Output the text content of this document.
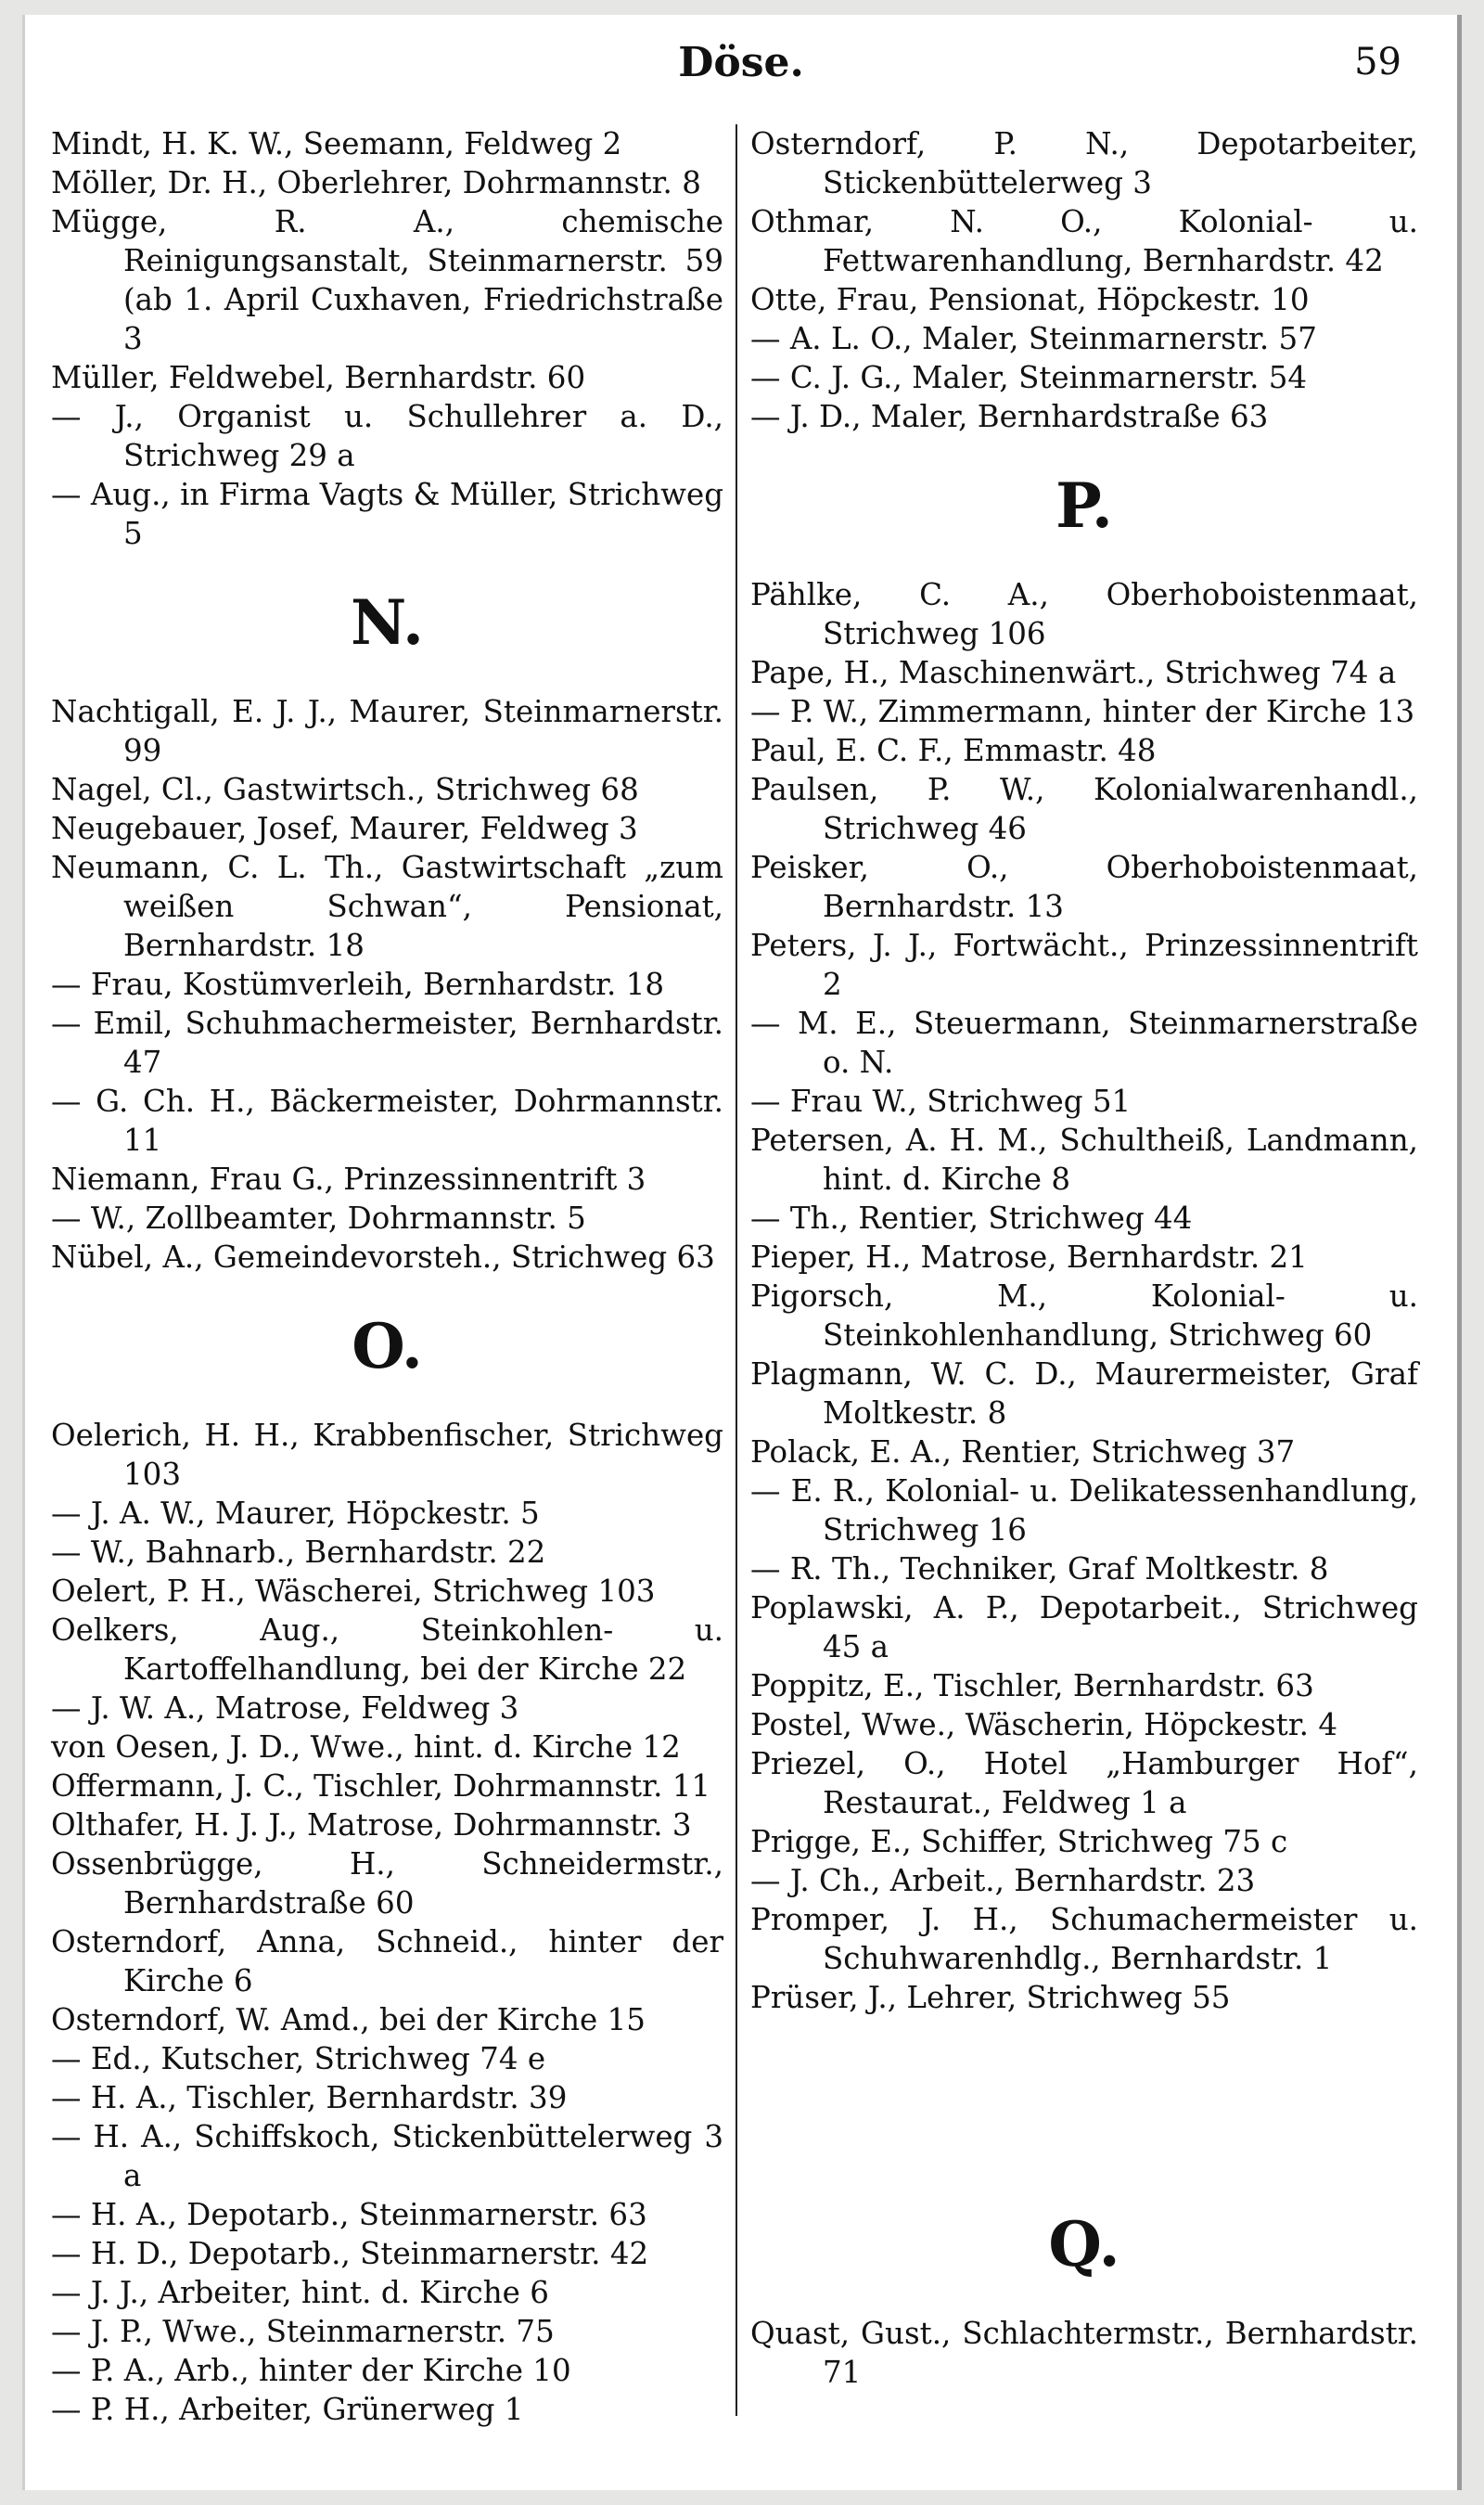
Döse.	59

Mindt, H. K. W., Seemann, Feldweg 2

Möller, Dr. H., Oberlehrer, Dohrmannstr. 8

Mügge, R. A., chemische Reinigungsanstalt, Steinmarnerstr. 59 (ab 1. April Cuxhaven, Friedrichstraße 3

Müller, Feldwebel, Bernhardstr. 60

— J., Organist u. Schullehrer a. D., Strichweg 29 a

— Aug., in Firma Vagts & Müller, Strichweg 5

N.

Nachtigall, E. J. J., Maurer, Steinmarnerstr. 99

Nagel, Cl., Gastwirtsch., Strichweg 68

Neugebauer, Josef, Maurer, Feldweg 3

Neumann, C. L. Th., Gastwirtschaft „zum weißen Schwan“, Pensionat, Bernhardstr. 18

— Frau, Kostümverleih, Bernhardstr. 18

— Emil, Schuhmachermeister, Bernhardstr. 47

— G. Ch. H., Bäckermeister, Dohrmannstr. 11

Niemann, Frau G., Prinzessinnentrift 3

— W., Zollbeamter, Dohrmannstr. 5

Nübel, A., Gemeindevorsteh., Strichweg 63

O.

Oelerich, H. H., Krabbenfischer, Strichweg 103

— J. A. W., Maurer, Höpckestr. 5

— W., Bahnarb., Bernhardstr. 22

Oelert, P. H., Wäscherei, Strichweg 103

Oelkers, Aug., Steinkohlen- u. Kartoffelhandlung, bei der Kirche 22

— J. W. A., Matrose, Feldweg 3

von Oesen, J. D., Wwe., hint. d. Kirche 12

Offermann, J. C., Tischler, Dohrmannstr. 11

Olthafer, H. J. J., Matrose, Dohrmannstr. 3

Ossenbrügge, H., Schneidermstr., Bernhardstraße 60

Osterndorf, Anna, Schneid., hinter der Kirche 6

Osterndorf, W. Amd., bei der Kirche 15

— Ed., Kutscher, Strichweg 74 e

— H. A., Tischler, Bernhardstr. 39

— H. A., Schiffskoch, Stickenbüttelerweg 3 a

— H. A., Depotarb., Steinmarnerstr. 63

— H. D., Depotarb., Steinmarnerstr. 42

— J. J., Arbeiter, hint. d. Kirche 6

— J. P., Wwe., Steinmarnerstr. 75

— P. A., Arb., hinter der Kirche 10

— P. H., Arbeiter, Grünerweg 1

Osterndorf, P. N., Depotarbeiter, Stickenbüttelerweg 3

Othmar, N. O., Kolonial- u. Fettwarenhandlung, Bernhardstr. 42

Otte, Frau, Pensionat, Höpckestr. 10

— A. L. O., Maler, Steinmarnerstr. 57

— C. J. G., Maler, Steinmarnerstr. 54

— J. D., Maler, Bernhardstraße 63

P.

Pählke, C. A., Oberhoboistenmaat, Strichweg 106

Pape, H., Maschinenwärt., Strichweg 74 a

— P. W., Zimmermann, hinter der Kirche 13

Paul, E. C. F., Emmastr. 48

Paulsen, P. W., Kolonialwarenhandl., Strichweg 46

Peisker, O., Oberhoboistenmaat, Bernhardstr. 13

Peters, J. J., Fortwächt., Prinzessinnentrift 2

— M. E., Steuermann, Steinmarnerstraße o. N.

— Frau W., Strichweg 51

Petersen, A. H. M., Schultheiß, Landmann, hint. d. Kirche 8

— Th., Rentier, Strichweg 44

Pieper, H., Matrose, Bernhardstr. 21

Pigorsch, M., Kolonial- u. Steinkohlenhandlung, Strichweg 60

Plagmann, W. C. D., Maurermeister, Graf Moltkestr. 8

Polack, E. A., Rentier, Strichweg 37

— E. R., Kolonial- u. Delikatessenhandlung, Strichweg 16

— R. Th., Techniker, Graf Moltkestr. 8

Poplawski, A. P., Depotarbeit., Strichweg 45 a

Poppitz, E., Tischler, Bernhardstr. 63

Postel, Wwe., Wäscherin, Höpckestr. 4

Priezel, O., Hotel „Hamburger Hof“, Restaurat., Feldweg 1 a

Prigge, E., Schiffer, Strichweg 75 c

— J. Ch., Arbeit., Bernhardstr. 23

Promper, J. H., Schumachermeister u. Schuhwarenhdlg., Bernhardstr. 1

Prüser, J., Lehrer, Strichweg 55

Q.

Quast, Gust., Schlachtermstr., Bernhardstr. 71
